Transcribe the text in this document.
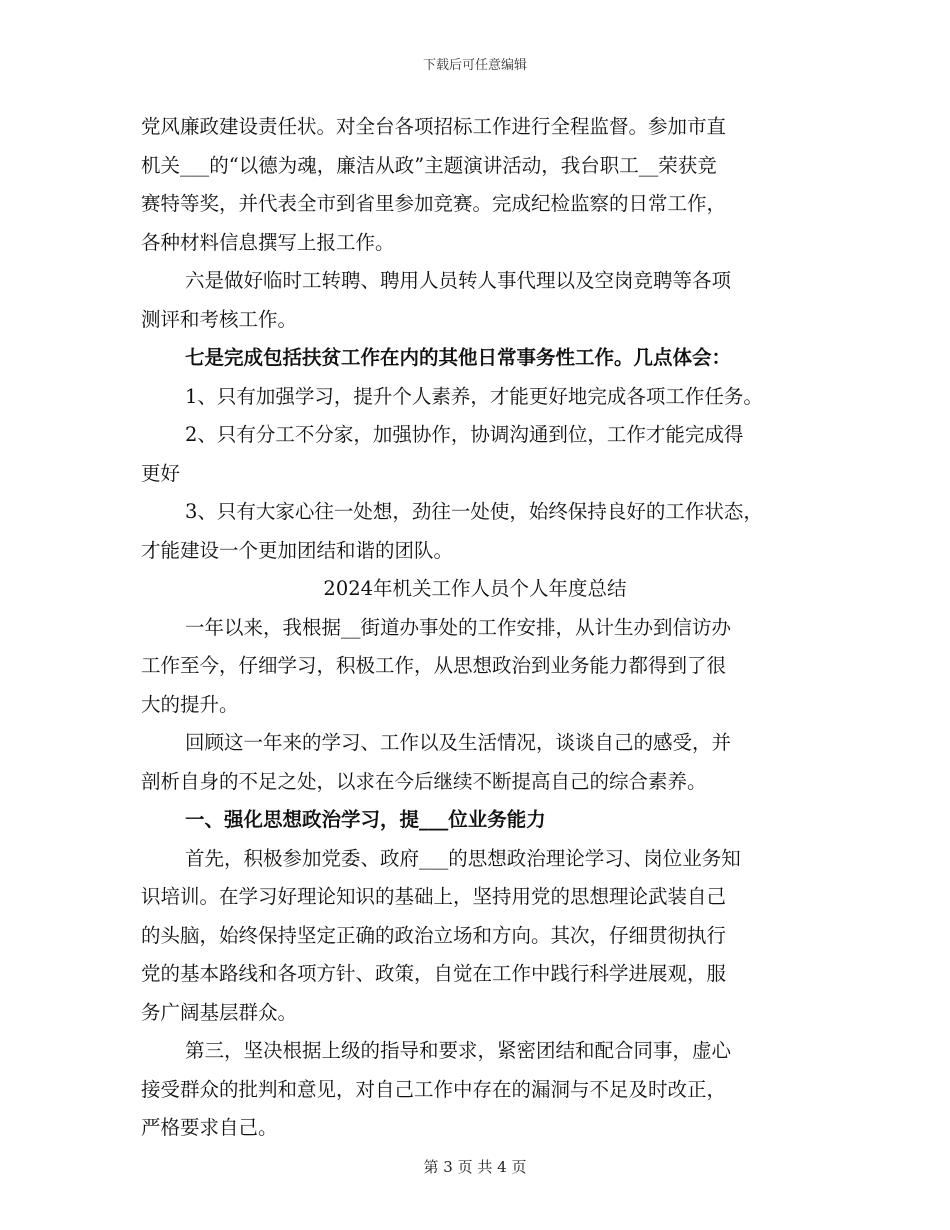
下载后可任意编辑
党风廉政建设责任状。对全台各项招标工作进行全程监督。参加市直
机关___的“以德为魂，廉洁从政”主题演讲活动，我台职工__荣获竞
赛特等奖，并代表全市到省里参加竞赛。完成纪检监察的日常工作，
各种材料信息撰写上报工作。
六是做好临时工转聘、聘用人员转人事代理以及空岗竞聘等各项
测评和考核工作。
七是完成包括扶贫工作在内的其他日常事务性工作。几点体会：
1、只有加强学习，提升个人素养，才能更好地完成各项工作任务。
2、只有分工不分家，加强协作，协调沟通到位，工作才能完成得
更好
3、只有大家心往一处想，劲往一处使，始终保持良好的工作状态，
才能建设一个更加团结和谐的团队。
2024年机关工作人员个人年度总结
一年以来，我根据__街道办事处的工作安排，从计生办到信访办
工作至今，仔细学习，积极工作，从思想政治到业务能力都得到了很
大的提升。
回顾这一年来的学习、工作以及生活情况，谈谈自己的感受，并
剖析自身的不足之处，以求在今后继续不断提高自己的综合素养。
一、强化思想政治学习，提___位业务能力
首先，积极参加党委、政府___的思想政治理论学习、岗位业务知
识培训。在学习好理论知识的基础上，坚持用党的思想理论武装自己
的头脑，始终保持坚定正确的政治立场和方向。其次，仔细贯彻执行
党的基本路线和各项方针、政策，自觉在工作中践行科学进展观，服
务广阔基层群众。
第三，坚决根据上级的指导和要求，紧密团结和配合同事，虚心
接受群众的批判和意见，对自己工作中存在的漏洞与不足及时改正，
严格要求自己。
第 3 页 共 4 页
